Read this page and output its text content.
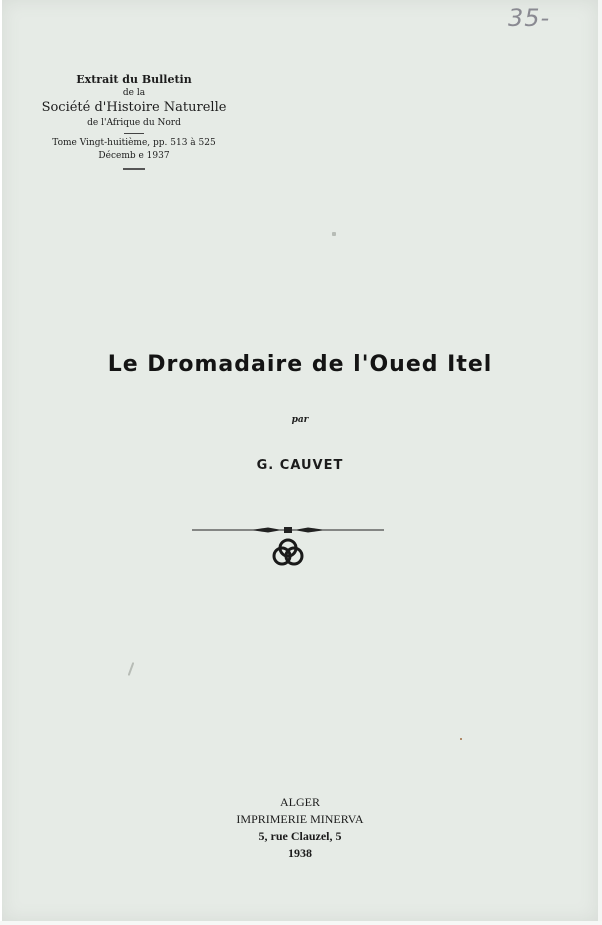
35-
Extrait du Bulletin
de la
Société d'Histoire Naturelle
de l'Afrique du Nord
Tome Vingt-huitième, pp. 513 à 525
Décemb e 1937
Le Dromadaire de l'Oued Itel
par
G. CAUVET
ALGER
IMPRIMERIE MINERVA
5, rue Clauzel, 5
1938
